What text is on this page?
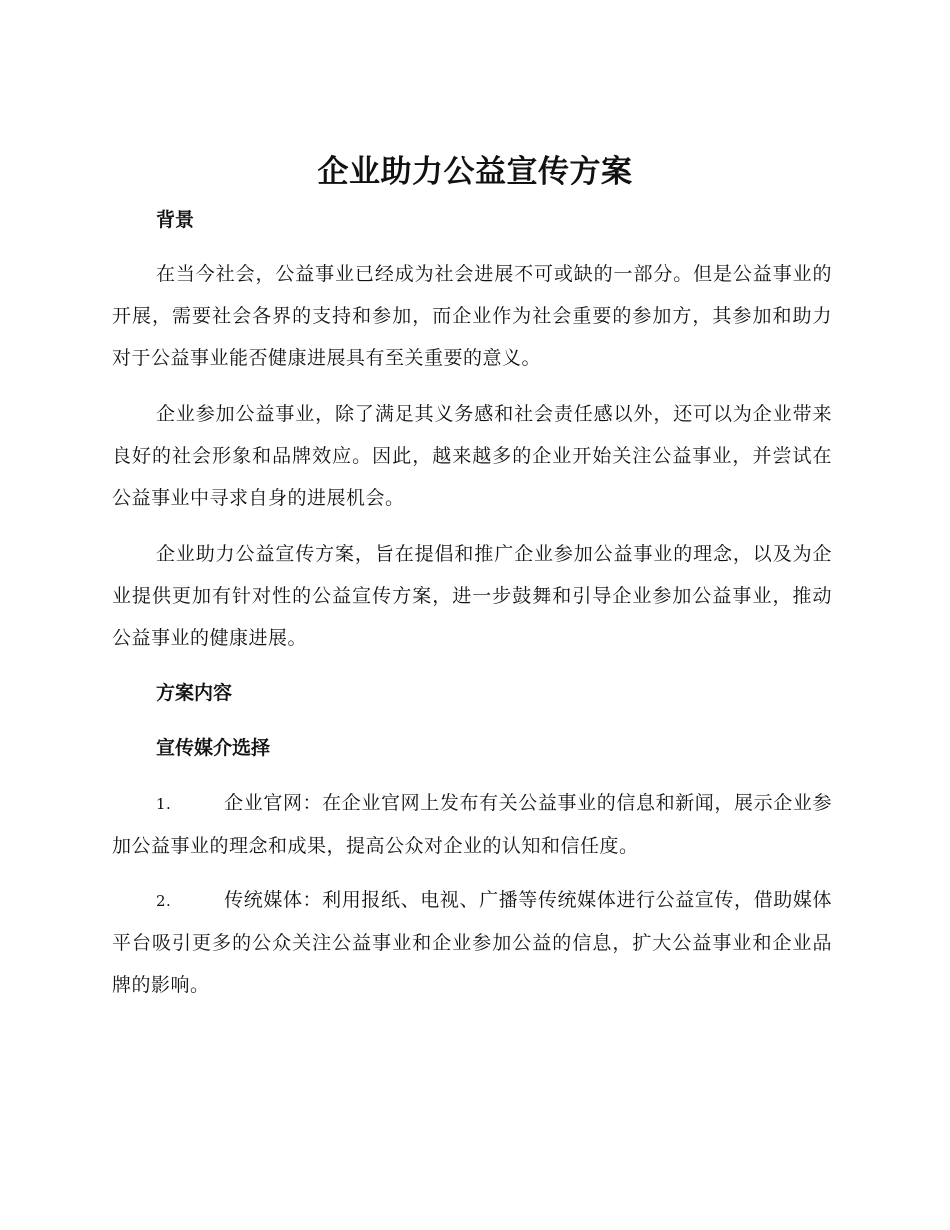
企业助力公益宣传方案
背景
在当今社会，公益事业已经成为社会进展不可或缺的一部分。但是公益事业的开展，需要社会各界的支持和参加，而企业作为社会重要的参加方，其参加和助力对于公益事业能否健康进展具有至关重要的意义。
企业参加公益事业，除了满足其义务感和社会责任感以外，还可以为企业带来良好的社会形象和品牌效应。因此，越来越多的企业开始关注公益事业，并尝试在公益事业中寻求自身的进展机会。
企业助力公益宣传方案，旨在提倡和推广企业参加公益事业的理念，以及为企业提供更加有针对性的公益宣传方案，进一步鼓舞和引导企业参加公益事业，推动公益事业的健康进展。
方案内容
宣传媒介选择
1.	企业官网：在企业官网上发布有关公益事业的信息和新闻，展示企业参加公益事业的理念和成果，提高公众对企业的认知和信任度。
2.	传统媒体：利用报纸、电视、广播等传统媒体进行公益宣传，借助媒体平台吸引更多的公众关注公益事业和企业参加公益的信息，扩大公益事业和企业品牌的影响。
